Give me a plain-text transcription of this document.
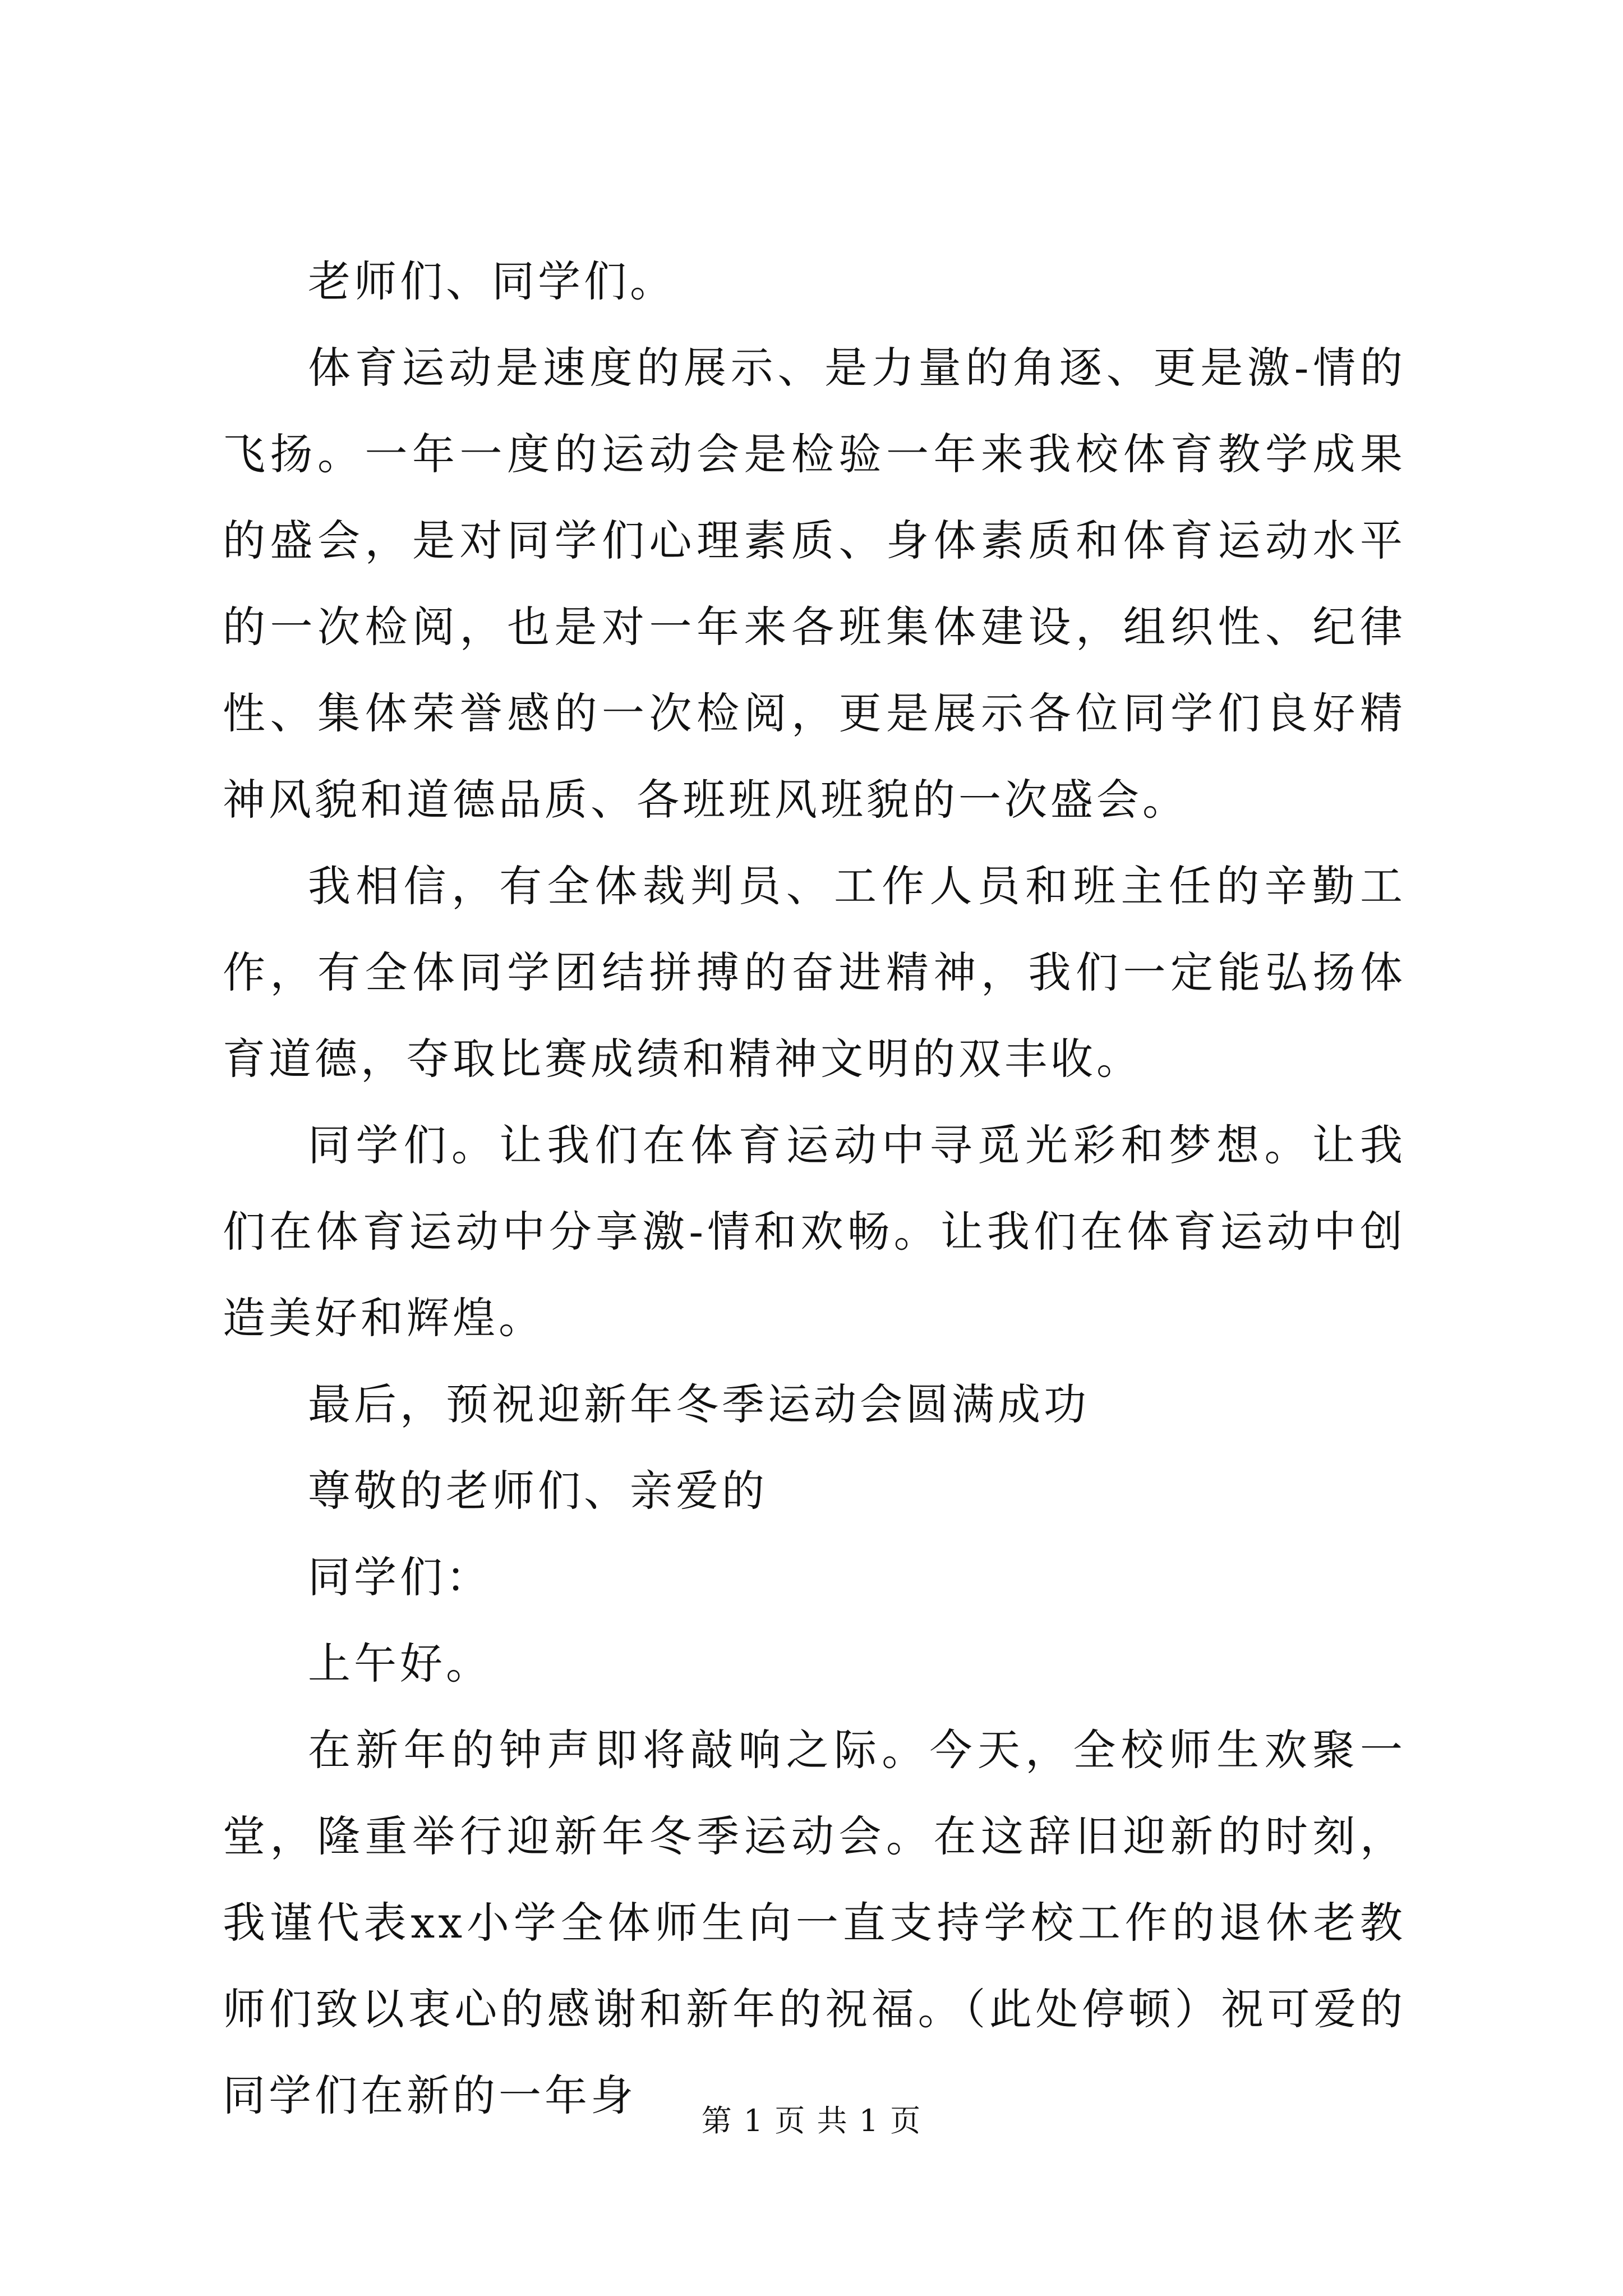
老师们、同学们。

体育运动是速度的展示、是力量的角逐、更是激-情的飞扬。一年一度的运动会是检验一年来我校体育教学成果的盛会，是对同学们心理素质、身体素质和体育运动水平的一次检阅，也是对一年来各班集体建设，组织性、纪律性、集体荣誉感的一次检阅，更是展示各位同学们良好精神风貌和道德品质、各班班风班貌的一次盛会。

我相信，有全体裁判员、工作人员和班主任的辛勤工作，有全体同学团结拼搏的奋进精神，我们一定能弘扬体育道德，夺取比赛成绩和精神文明的双丰收。

同学们。让我们在体育运动中寻觅光彩和梦想。让我们在体育运动中分享激-情和欢畅。让我们在体育运动中创造美好和辉煌。

最后，预祝迎新年冬季运动会圆满成功

尊敬的老师们、亲爱的

同学们：

上午好。

在新年的钟声即将敲响之际。今天，全校师生欢聚一堂，隆重举行迎新年冬季运动会。在这辞旧迎新的时刻，我谨代表xx小学全体师生向一直支持学校工作的退休老教师们致以衷心的感谢和新年的祝福。（此处停顿）祝可爱的同学们在新的一年身

第 1 页 共 1 页
